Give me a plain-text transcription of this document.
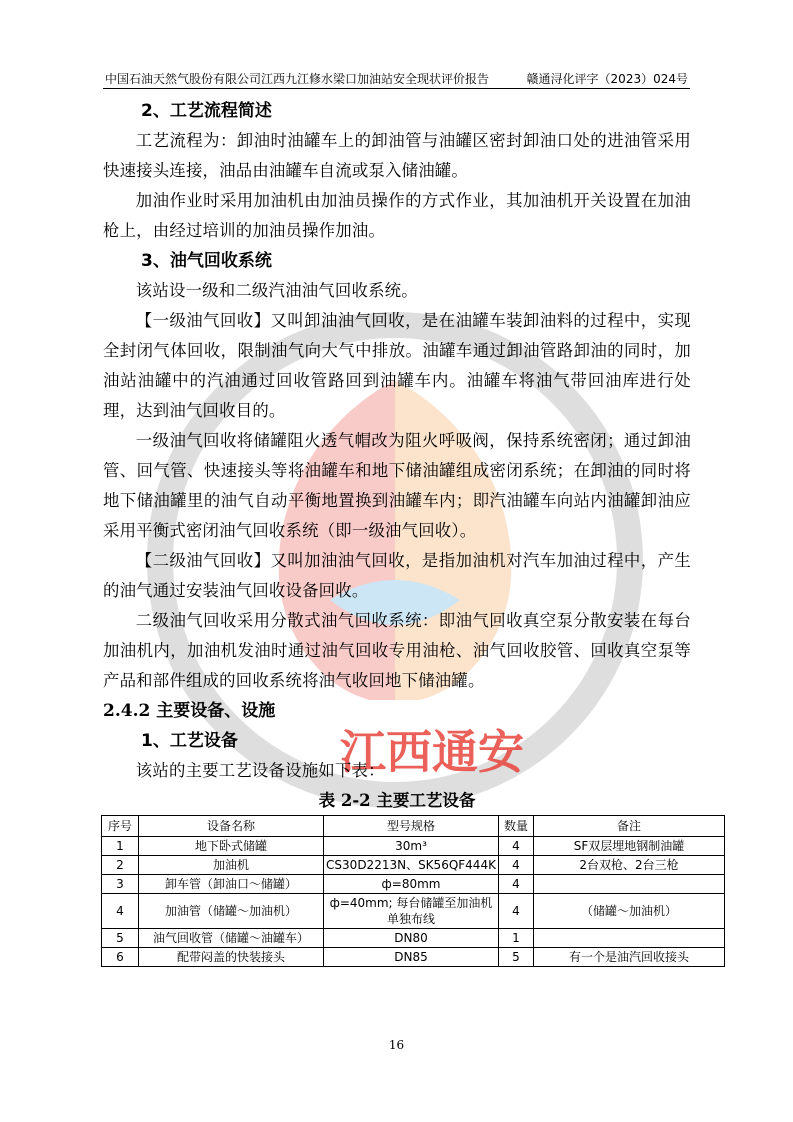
江西通安
中国石油天然气股份有限公司江西九江修水梁口加油站安全现状评价报告	赣通浔化评字（2023）024号
2、工艺流程简述
工艺流程为：卸油时油罐车上的卸油管与油罐区密封卸油口处的进油管采用快速接头连接，油品由油罐车自流或泵入储油罐。
加油作业时采用加油机由加油员操作的方式作业，其加油机开关设置在加油枪上，由经过培训的加油员操作加油。
3、油气回收系统
该站设一级和二级汽油油气回收系统。
【一级油气回收】又叫卸油油气回收，是在油罐车装卸油料的过程中，实现全封闭气体回收，限制油气向大气中排放。油罐车通过卸油管路卸油的同时，加油站油罐中的汽油通过回收管路回到油罐车内。油罐车将油气带回油库进行处理，达到油气回收目的。
一级油气回收将储罐阻火透气帽改为阻火呼吸阀，保持系统密闭；通过卸油管、回气管、快速接头等将油罐车和地下储油罐组成密闭系统；在卸油的同时将地下储油罐里的油气自动平衡地置换到油罐车内；即汽油罐车向站内油罐卸油应采用平衡式密闭油气回收系统（即一级油气回收）。
【二级油气回收】又叫加油油气回收，是指加油机对汽车加油过程中，产生的油气通过安装油气回收设备回收。
二级油气回收采用分散式油气回收系统：即油气回收真空泵分散安装在每台加油机内，加油机发油时通过油气回收专用油枪、油气回收胶管、回收真空泵等产品和部件组成的回收系统将油气收回地下储油罐。
2.4.2 主要设备、设施
1、工艺设备
该站的主要工艺设备设施如下表：
表 2-2 主要工艺设备
序号	设备名称	型号规格	数量	备注
1	地下卧式储罐	30m³	4	SF双层埋地钢制油罐
2	加油机	CS30D2213N、SK56QF444K	4	2台双枪、2台三枪
3	卸车管（卸油口～储罐）	ф=80mm	4	
4	加油管（储罐～加油机）	ф=40mm; 每台储罐至加油机单独布线	4	（储罐～加油机）
5	油气回收管（储罐～油罐车）	DN80	1	
6	配带闷盖的快装接头	DN85	5	有一个是油汽回收接头
16
